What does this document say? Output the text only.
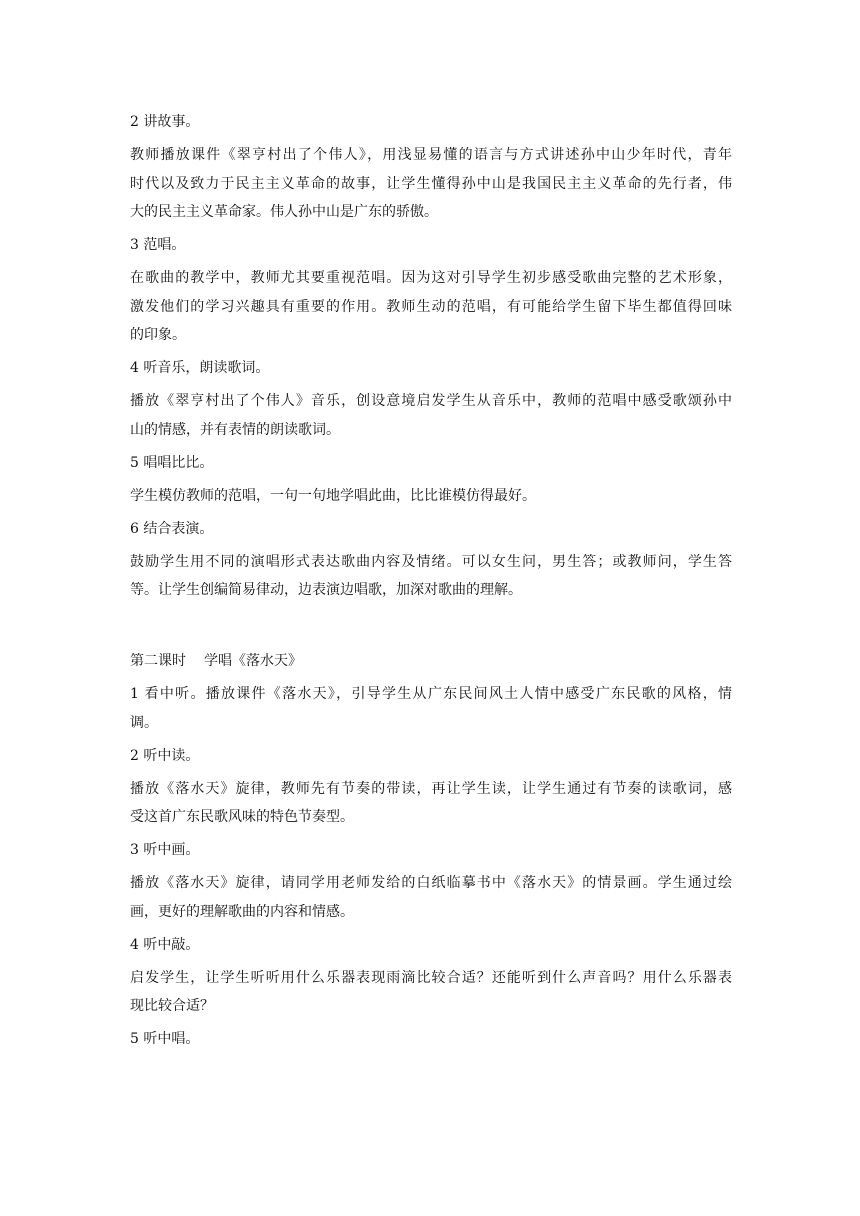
2 讲故事。
教师播放课件《翠亨村出了个伟人》，用浅显易懂的语言与方式讲述孙中山少年时代，青年
时代以及致力于民主主义革命的故事，让学生懂得孙中山是我国民主主义革命的先行者，伟
大的民主主义革命家。伟人孙中山是广东的骄傲。
3 范唱。
在歌曲的教学中，教师尤其要重视范唱。因为这对引导学生初步感受歌曲完整的艺术形象，
激发他们的学习兴趣具有重要的作用。教师生动的范唱，有可能给学生留下毕生都值得回味
的印象。
4 听音乐，朗读歌词。
播放《翠亨村出了个伟人》音乐，创设意境启发学生从音乐中，教师的范唱中感受歌颂孙中
山的情感，并有表情的朗读歌词。
5 唱唱比比。
学生模仿教师的范唱，一句一句地学唱此曲，比比谁模仿得最好。
6 结合表演。
鼓励学生用不同的演唱形式表达歌曲内容及情绪。可以女生问，男生答；或教师问，学生答
等。让学生创编简易律动，边表演边唱歌，加深对歌曲的理解。
第二课时 学唱《落水天》
1 看中听。播放课件《落水天》，引导学生从广东民间风土人情中感受广东民歌的风格，情
调。
2 听中读。
播放《落水天》旋律，教师先有节奏的带读，再让学生读，让学生通过有节奏的读歌词，感
受这首广东民歌风味的特色节奏型。
3 听中画。
播放《落水天》旋律，请同学用老师发给的白纸临摹书中《落水天》的情景画。学生通过绘
画，更好的理解歌曲的内容和情感。
4 听中敲。
启发学生，让学生听听用什么乐器表现雨滴比较合适？还能听到什么声音吗？用什么乐器表
现比较合适？
5 听中唱。
